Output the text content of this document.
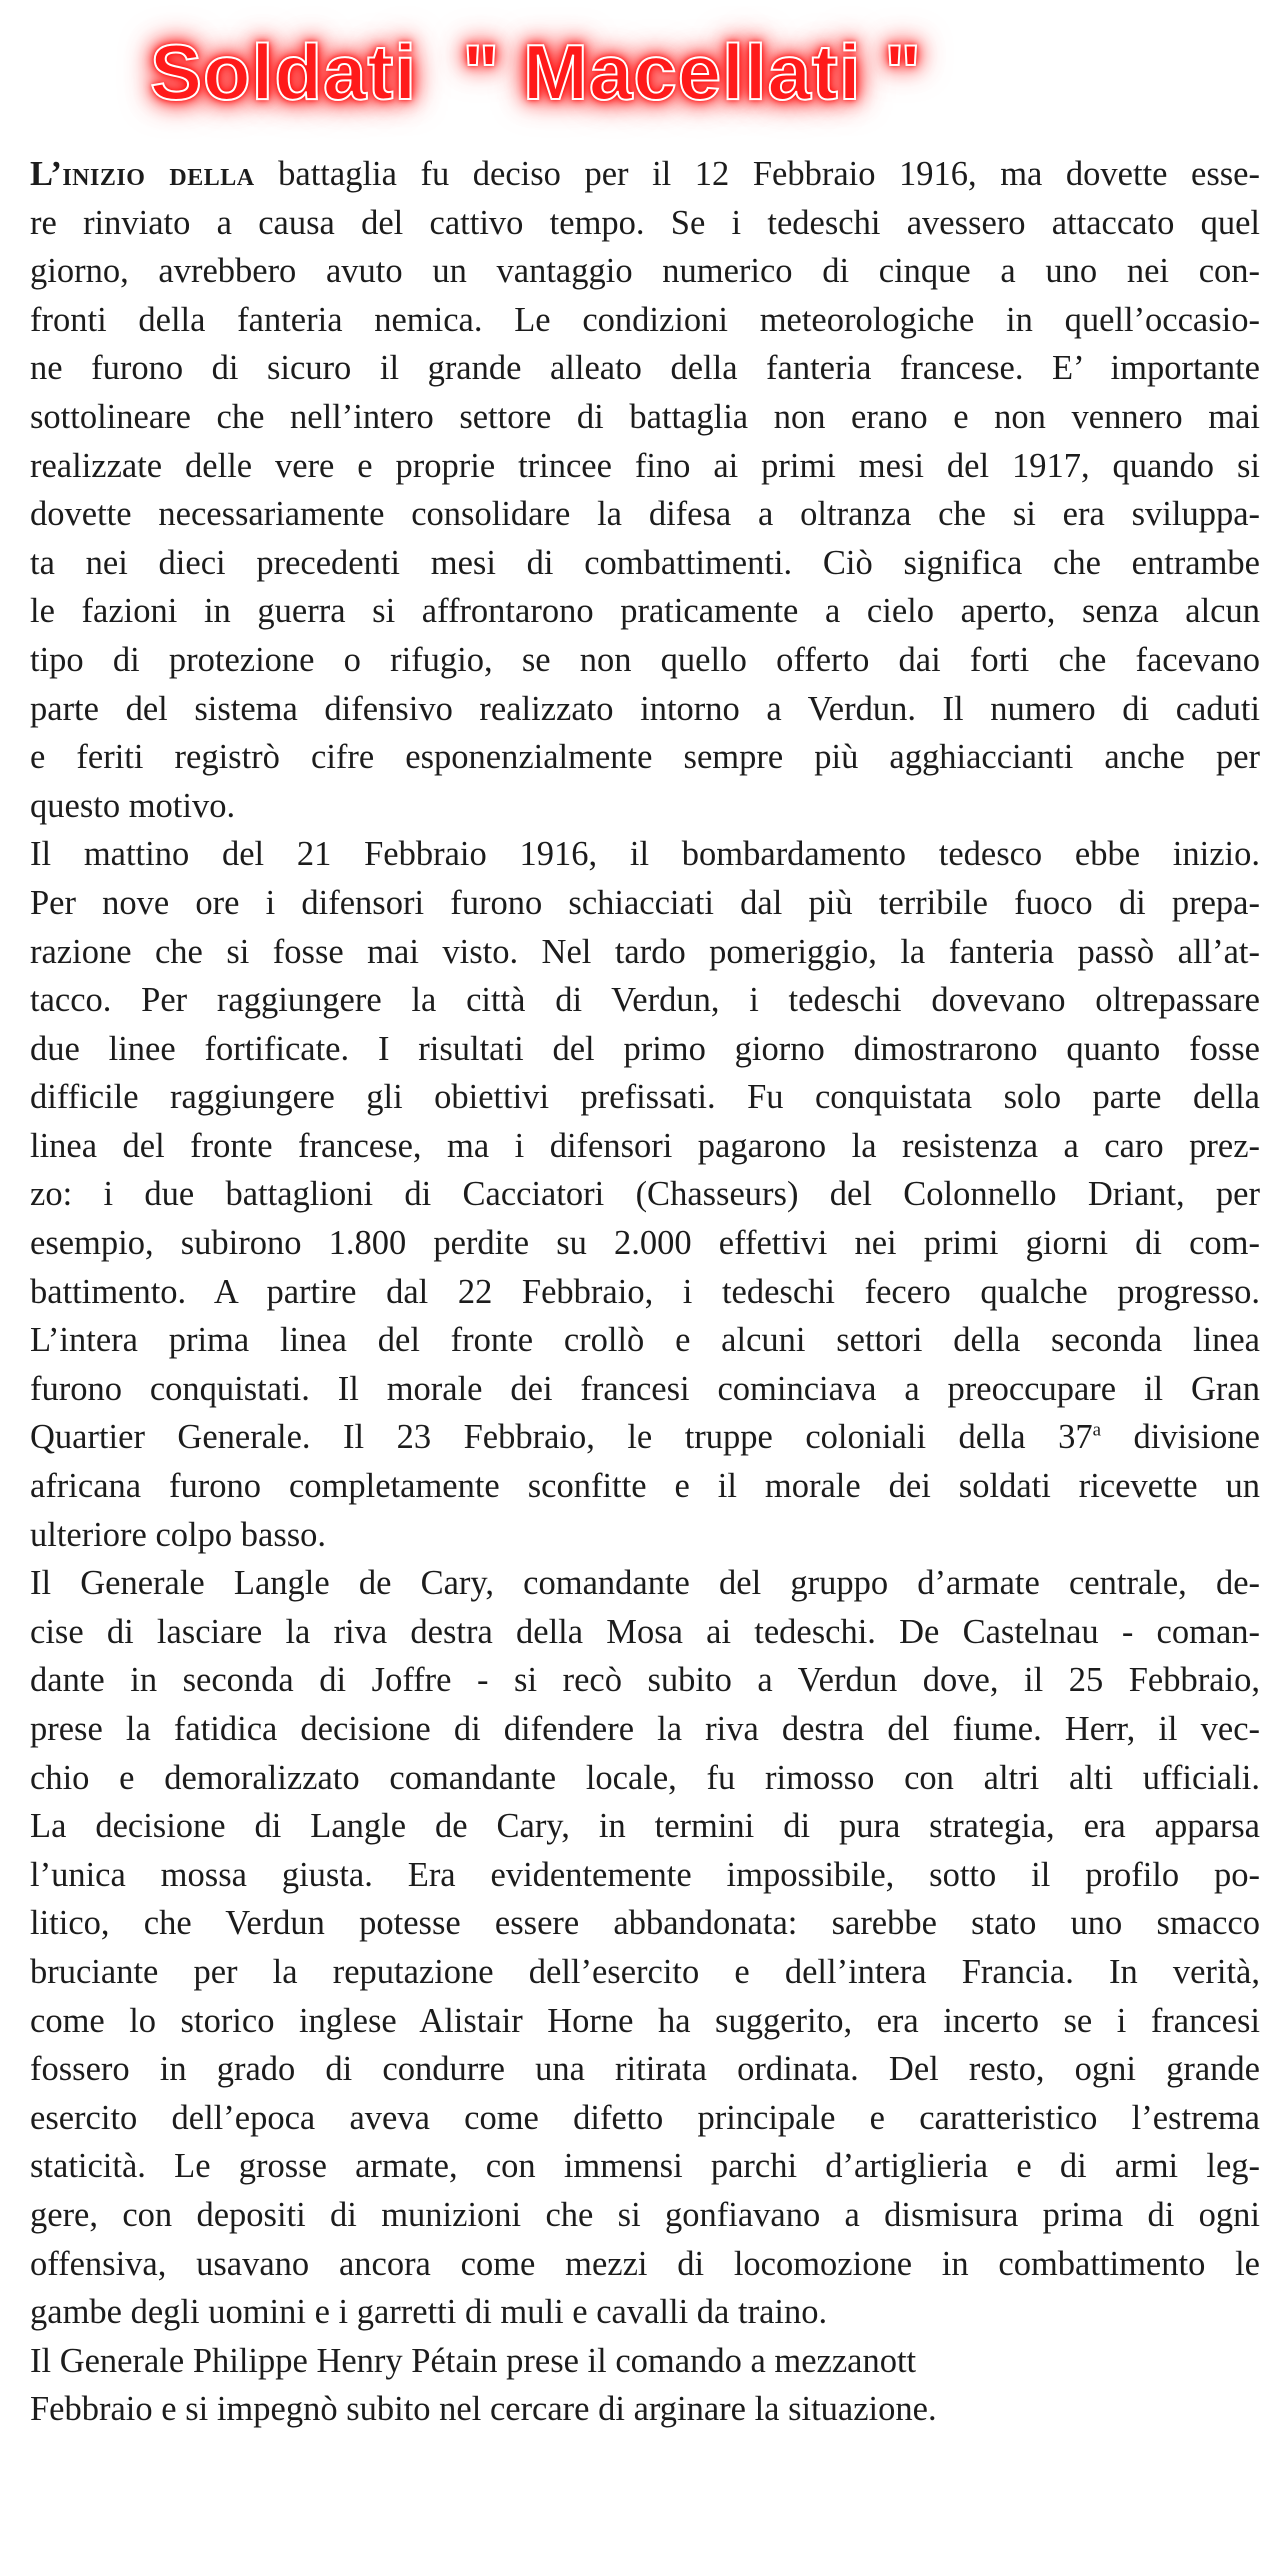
Soldati  " Macellati "
L’inizio della battaglia fu deciso per il 12 Febbraio 1916, ma dovette esse-
re rinviato a causa del cattivo tempo. Se i tedeschi avessero attaccato quel
giorno, avrebbero avuto un vantaggio numerico di cinque a uno nei con-
fronti della fanteria nemica. Le condizioni meteorologiche in quell’occasio-
ne furono di sicuro il grande alleato della fanteria francese. E’ importante
sottolineare che nell’intero settore di battaglia non erano e non vennero mai
realizzate delle vere e proprie trincee fino ai primi mesi del 1917, quando si
dovette necessariamente consolidare la difesa a oltranza che si era sviluppa-
ta nei dieci precedenti mesi di combattimenti. Ciò significa che entrambe
le fazioni in guerra si affrontarono praticamente a cielo aperto, senza alcun
tipo di protezione o rifugio, se non quello offerto dai forti che facevano
parte del sistema difensivo realizzato intorno a Verdun. Il numero di caduti
e feriti registrò cifre esponenzialmente sempre più agghiaccianti anche per
questo motivo.
Il mattino del 21 Febbraio 1916, il bombardamento tedesco ebbe inizio.
Per nove ore i difensori furono schiacciati dal più terribile fuoco di prepa-
razione che si fosse mai visto. Nel tardo pomeriggio, la fanteria passò all’at-
tacco. Per raggiungere la città di Verdun, i tedeschi dovevano oltrepassare
due linee fortificate. I risultati del primo giorno dimostrarono quanto fosse
difficile raggiungere gli obiettivi prefissati. Fu conquistata solo parte della
linea del fronte francese, ma i difensori pagarono la resistenza a caro prez-
zo: i due battaglioni di Cacciatori (Chasseurs) del Colonnello Driant, per
esempio, subirono 1.800 perdite su 2.000 effettivi nei primi giorni di com-
battimento. A partire dal 22 Febbraio, i tedeschi fecero qualche progresso.
L’intera prima linea del fronte crollò e alcuni settori della seconda linea
furono conquistati. Il morale dei francesi cominciava a preoccupare il Gran
Quartier Generale. Il 23 Febbraio, le truppe coloniali della 37$^a$ divisione
africana furono completamente sconfitte e il morale dei soldati ricevette un
ulteriore colpo basso.
Il Generale Langle de Cary, comandante del gruppo d’armate centrale, de-
cise di lasciare la riva destra della Mosa ai tedeschi. De Castelnau - coman-
dante in seconda di Joffre - si recò subito a Verdun dove, il 25 Febbraio,
prese la fatidica decisione di difendere la riva destra del fiume. Herr, il vec-
chio e demoralizzato comandante locale, fu rimosso con altri alti ufficiali.
La decisione di Langle de Cary, in termini di pura strategia, era apparsa
l’unica mossa giusta. Era evidentemente impossibile, sotto il profilo po-
litico, che Verdun potesse essere abbandonata: sarebbe stato uno smacco
bruciante per la reputazione dell’esercito e dell’intera Francia. In verità,
come lo storico inglese Alistair Horne ha suggerito, era incerto se i francesi
fossero in grado di condurre una ritirata ordinata. Del resto, ogni grande
esercito dell’epoca aveva come difetto principale e caratteristico l’estrema
staticità. Le grosse armate, con immensi parchi d’artiglieria e di armi leg-
gere, con depositi di munizioni che si gonfiavano a dismisura prima di ogni
offensiva, usavano ancora come mezzi di locomozione in combattimento le
gambe degli uomini e i garretti di muli e cavalli da traino.
Il Generale Philippe Henry Pétain prese il comando a mezzanott
Febbraio e si impegnò subito nel cercare di arginare la situazione.
